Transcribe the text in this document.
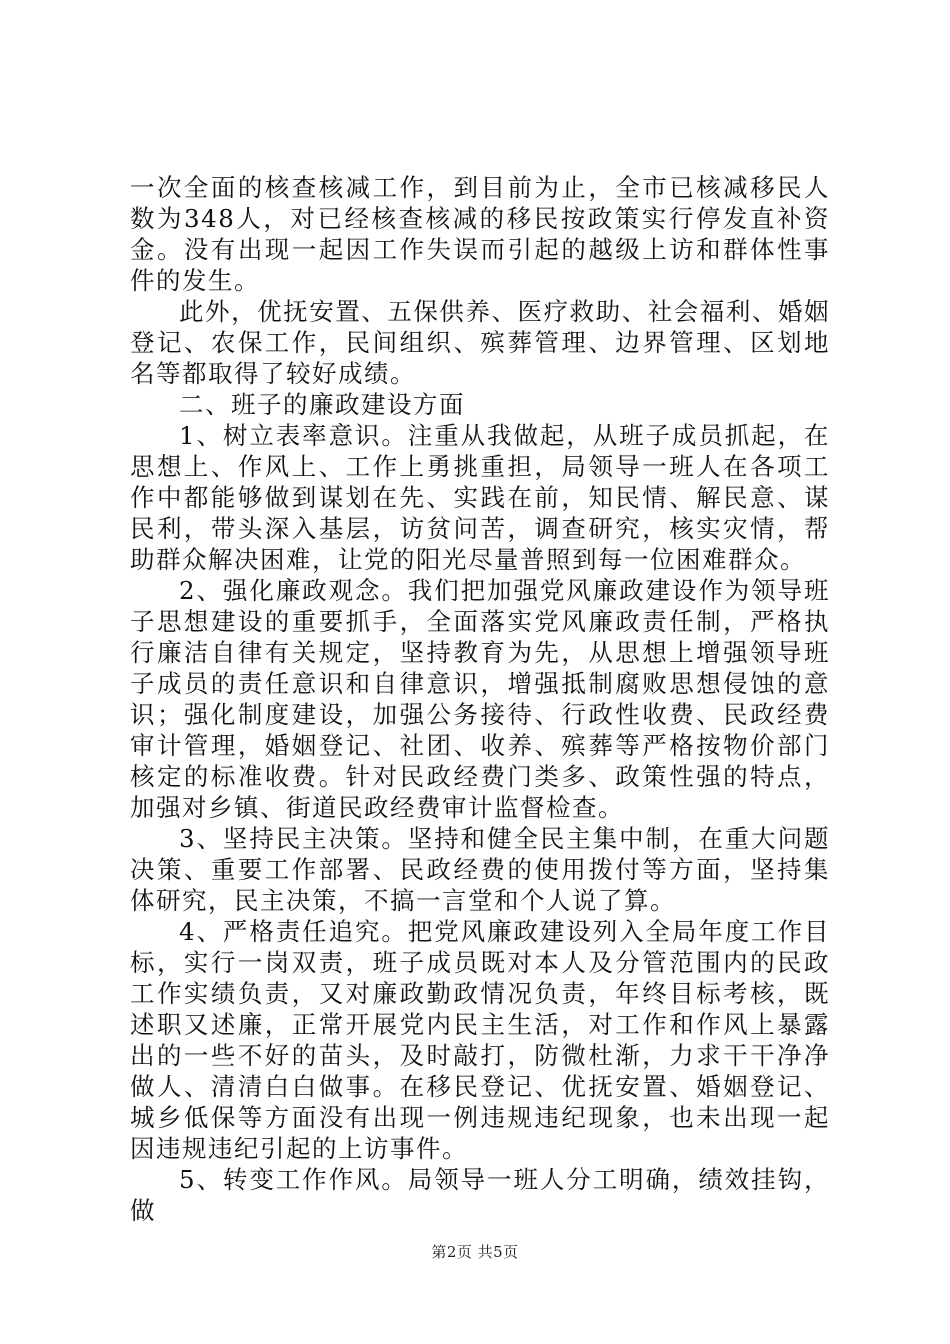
一次全面的核查核减工作，到目前为止，全市已核减移民人数为348人，对已经核查核减的移民按政策实行停发直补资金。没有出现一起因工作失误而引起的越级上访和群体性事件的发生。

此外，优抚安置、五保供养、医疗救助、社会福利、婚姻登记、农保工作，民间组织、殡葬管理、边界管理、区划地名等都取得了较好成绩。

二、班子的廉政建设方面

1、树立表率意识。注重从我做起，从班子成员抓起，在思想上、作风上、工作上勇挑重担，局领导一班人在各项工作中都能够做到谋划在先、实践在前，知民情、解民意、谋民利，带头深入基层，访贫问苦，调查研究，核实灾情，帮助群众解决困难，让党的阳光尽量普照到每一位困难群众。

2、强化廉政观念。我们把加强党风廉政建设作为领导班子思想建设的重要抓手，全面落实党风廉政责任制，严格执行廉洁自律有关规定，坚持教育为先，从思想上增强领导班子成员的责任意识和自律意识，增强抵制腐败思想侵蚀的意识；强化制度建设，加强公务接待、行政性收费、民政经费审计管理，婚姻登记、社团、收养、殡葬等严格按物价部门核定的标准收费。针对民政经费门类多、政策性强的特点，加强对乡镇、街道民政经费审计监督检查。

3、坚持民主决策。坚持和健全民主集中制，在重大问题决策、重要工作部署、民政经费的使用拨付等方面，坚持集体研究，民主决策，不搞一言堂和个人说了算。

4、严格责任追究。把党风廉政建设列入全局年度工作目标，实行一岗双责，班子成员既对本人及分管范围内的民政工作实绩负责，又对廉政勤政情况负责，年终目标考核，既述职又述廉，正常开展党内民主生活，对工作和作风上暴露出的一些不好的苗头，及时敲打，防微杜渐，力求干干净净做人、清清白白做事。在移民登记、优抚安置、婚姻登记、城乡低保等方面没有出现一例违规违纪现象，也未出现一起因违规违纪引起的上访事件。

5、转变工作作风。局领导一班人分工明确，绩效挂钩，做

第2页 共5页
